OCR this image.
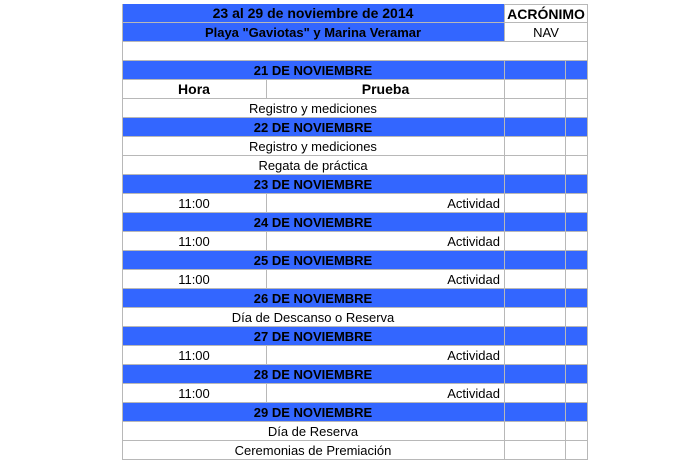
23 al 29 de noviembre de 2014	ACRÓNIMO
Playa "Gaviotas" y Marina Veramar	NAV
21 DE NOVIEMBRE
Hora	Prueba
Registro y mediciones
22 DE NOVIEMBRE
Registro y mediciones
Regata de práctica
23 DE NOVIEMBRE
11:00	Actividad
24 DE NOVIEMBRE
11:00	Actividad
25 DE NOVIEMBRE
11:00	Actividad
26 DE NOVIEMBRE
Día de Descanso o Reserva
27 DE NOVIEMBRE
11:00	Actividad
28 DE NOVIEMBRE
11:00	Actividad
29 DE NOVIEMBRE
Día de Reserva
Ceremonias de Premiación
